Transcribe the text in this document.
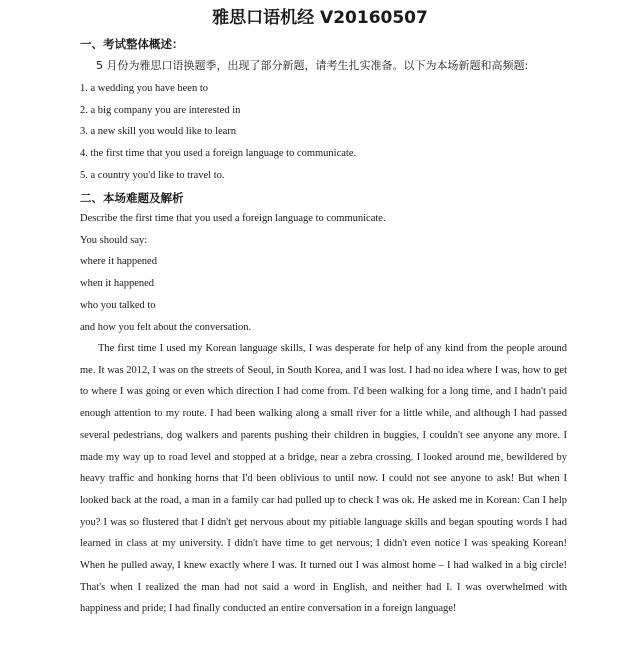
雅思口语机经 V20160507
一、考试整体概述：
5 月份为雅思口语换题季，出现了部分新题，请考生扎实准备。以下为本场新题和高频题:
1. a wedding you have been to
2. a big company you are interested in
3. a new skill you would like to learn
4. the first time that you used a foreign language to communicate.
5. a country you'd like to travel to.
二、本场难题及解析
Describe the first time that you used a foreign language to communicate.
You should say:
where it happened
when it happened
who you talked to
and how you felt about the conversation.

The first time I used my Korean language skills, I was desperate for help of any kind from the people around me. It was 2012, I was on the streets of Seoul, in South Korea, and I was lost. I had no idea where I was, how to get to where I was going or even which direction I had come from. I'd been walking for a long time, and I hadn't paid enough attention to my route. I had been walking along a small river for a little while, and although I had passed several pedestrians, dog walkers and parents pushing their children in buggies, I couldn't see anyone any more. I made my way up to road level and stopped at a bridge, near a zebra crossing. I looked around me, bewildered by heavy traffic and honking horns that I'd been oblivious to until now. I could not see anyone to ask! But when I looked back at the road, a man in a family car had pulled up to check I was ok. He asked me in Korean: Can I help you? I was so flustered that I didn't get nervous about my pitiable language skills and began spouting words I had learned in class at my university. I didn't have time to get nervous; I didn't even notice I was speaking Korean! When he pulled away, I knew exactly where I was. It turned out I was almost home – I had walked in a big circle! That's when I realized the man had not said a word in English, and neither had I. I was overwhelmed with happiness and pride; I had finally conducted an entire conversation in a foreign language!
